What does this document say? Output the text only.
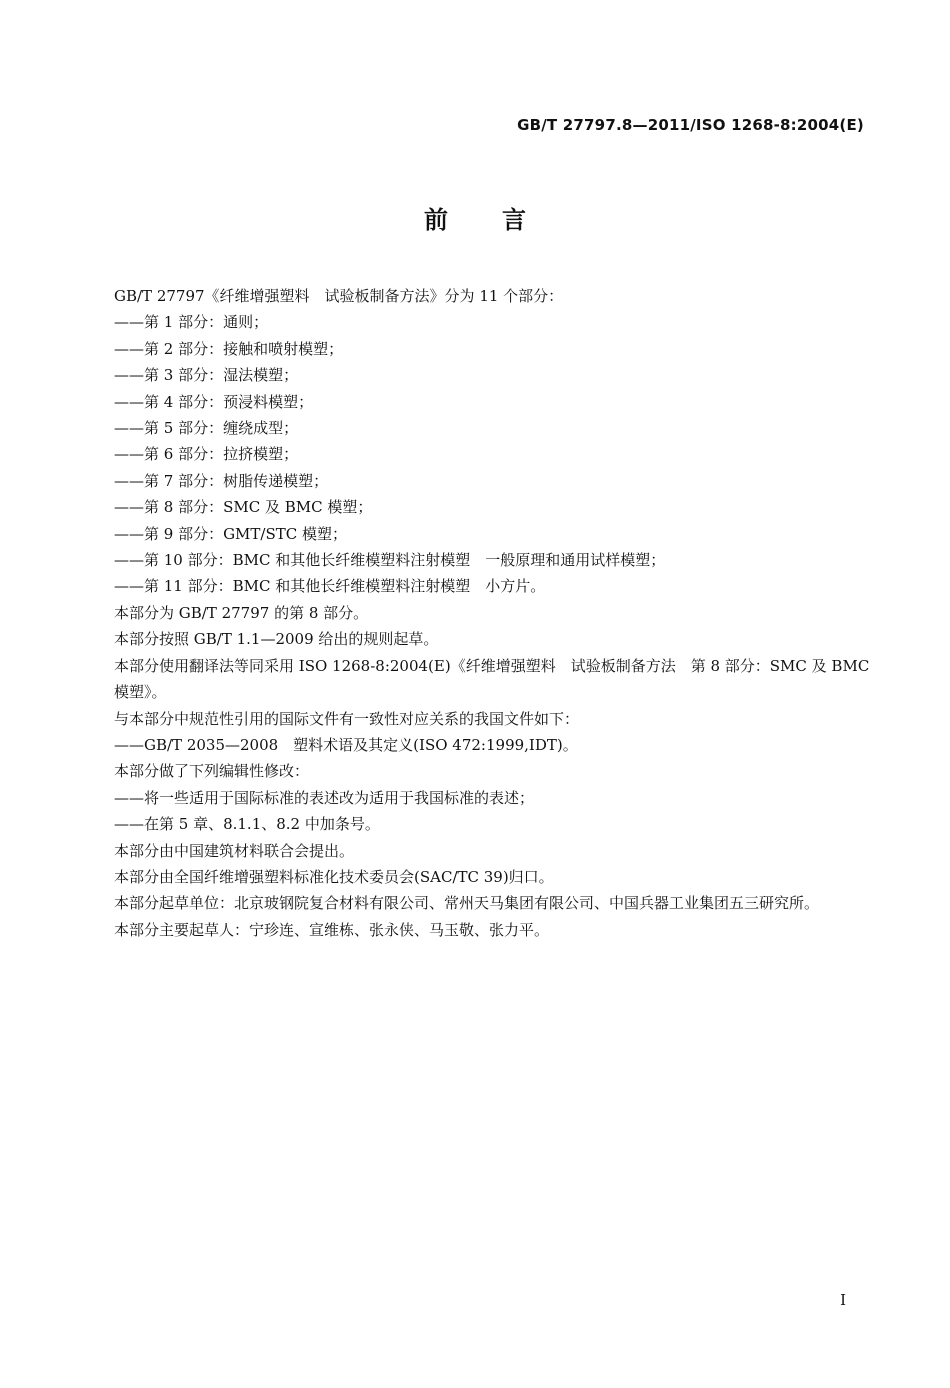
GB/T 27797.8—2011/ISO 1268-8:2004(E)
前言

GB/T 27797《纤维增强塑料　试验板制备方法》分为 11 个部分：

——第 1 部分：通则；

——第 2 部分：接触和喷射模塑；

——第 3 部分：湿法模塑；

——第 4 部分：预浸料模塑；

——第 5 部分：缠绕成型；

——第 6 部分：拉挤模塑；

——第 7 部分：树脂传递模塑；

——第 8 部分：SMC 及 BMC 模塑；

——第 9 部分：GMT/STC 模塑；

——第 10 部分：BMC 和其他长纤维模塑料注射模塑　一般原理和通用试样模塑；

——第 11 部分：BMC 和其他长纤维模塑料注射模塑　小方片。

本部分为 GB/T 27797 的第 8 部分。

本部分按照 GB/T 1.1—2009 给出的规则起草。

本部分使用翻译法等同采用 ISO 1268-8:2004(E)《纤维增强塑料　试验板制备方法　第 8 部分：SMC 及 BMC 模塑》。

与本部分中规范性引用的国际文件有一致性对应关系的我国文件如下：

——GB/T 2035—2008　塑料术语及其定义(ISO 472:1999,IDT)。

本部分做了下列编辑性修改：

——将一些适用于国际标准的表述改为适用于我国标准的表述；

——在第 5 章、8.1.1、8.2 中加条号。

本部分由中国建筑材料联合会提出。

本部分由全国纤维增强塑料标准化技术委员会(SAC/TC 39)归口。

本部分起草单位：北京玻钢院复合材料有限公司、常州天马集团有限公司、中国兵器工业集团五三研究所。

本部分主要起草人：宁珍连、宣维栋、张永侠、马玉敬、张力平。

I
